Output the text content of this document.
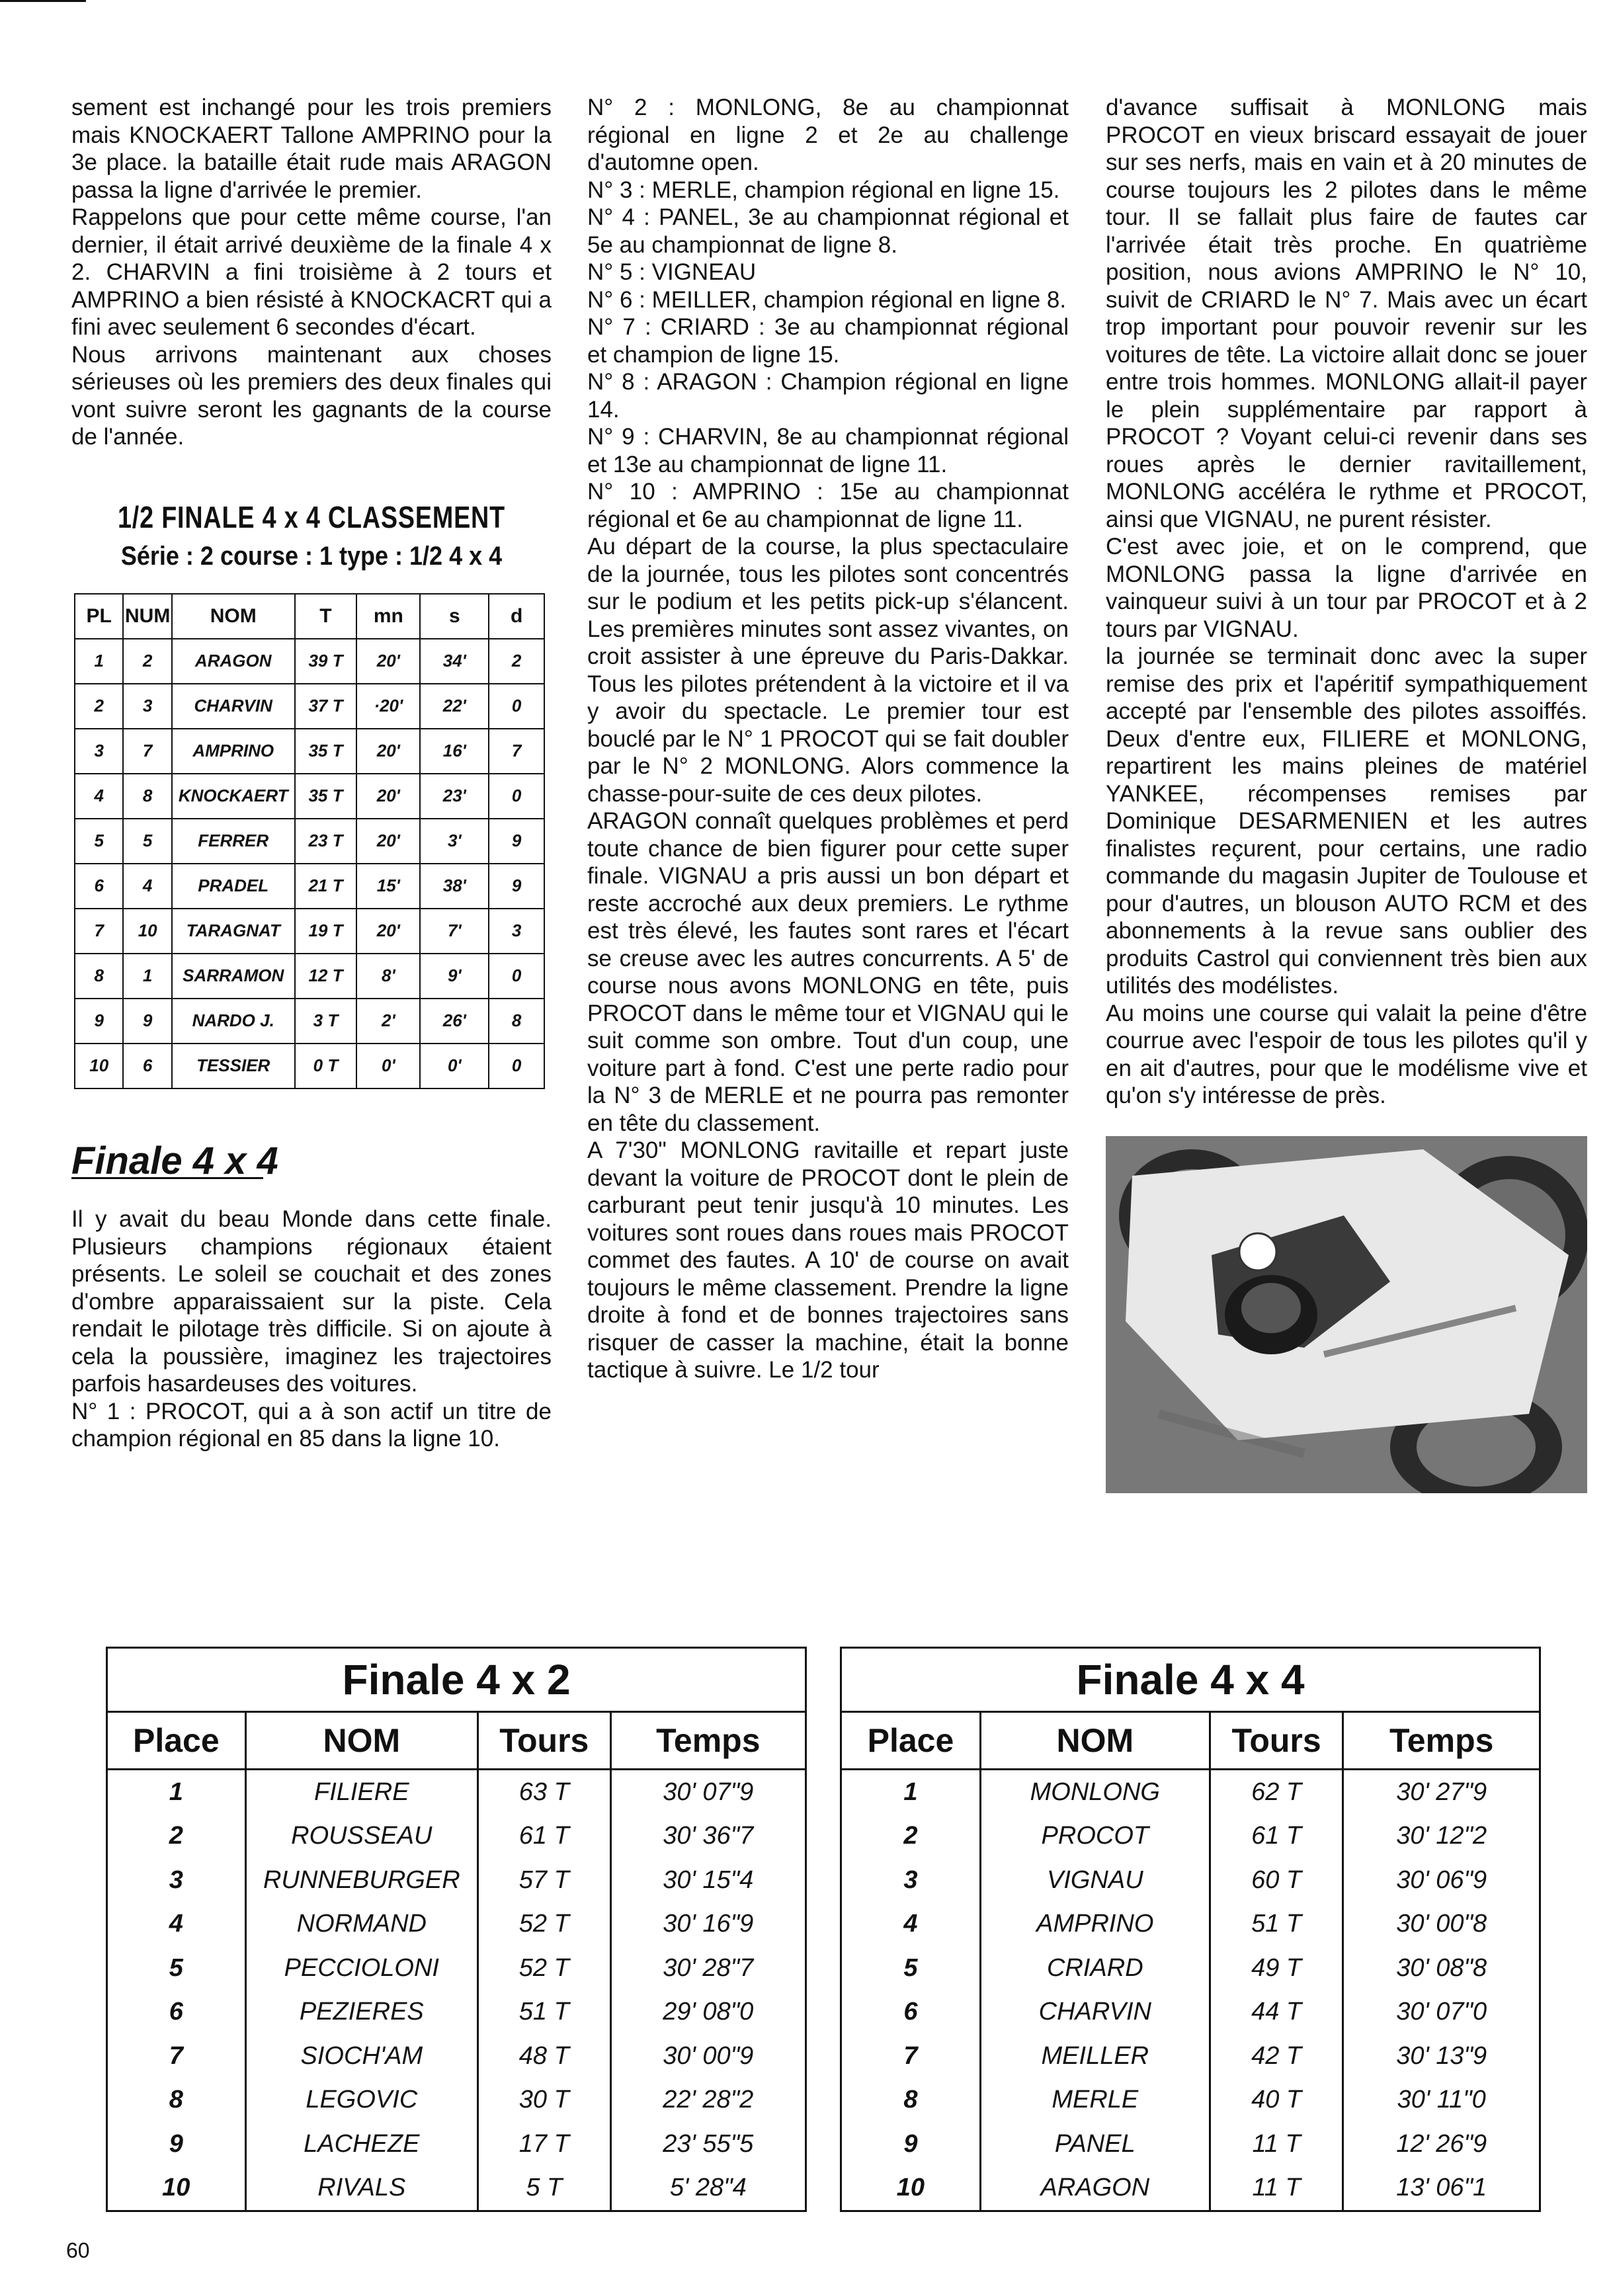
sement est inchangé pour les trois premiers mais KNOCKAERT Tallone AMPRINO pour la 3e place. la bataille était rude mais ARAGON passa la ligne d'arrivée le premier.

Rappelons que pour cette même course, l'an dernier, il était arrivé deuxième de la finale 4 x 2. CHARVIN a fini troisième à 2 tours et AMPRINO a bien résisté à KNOCKACRT qui a fini avec seulement 6 secondes d'écart.

Nous arrivons maintenant aux choses sérieuses où les premiers des deux finales qui vont suivre seront les gagnants de la course de l'année.

1/2 FINALE 4 x 4 CLASSEMENT
Série : 2 course : 1 type : 1/2 4 x 4
PL	NUM	NOM	T	mn	s	d
1	2	ARAGON	39 T	20'	34'	2
2	3	CHARVIN	37 T	·20'	22'	0
3	7	AMPRINO	35 T	20'	16'	7
4	8	KNOCKAERT	35 T	20'	23'	0
5	5	FERRER	23 T	20'	3'	9
6	4	PRADEL	21 T	15'	38'	9
7	10	TARAGNAT	19 T	20'	7'	3
8	1	SARRAMON	12 T	8'	9'	0
9	9	NARDO J.	3 T	2'	26'	8
10	6	TESSIER	0 T	0'	0'	0
Finale 4 x 4

Il y avait du beau Monde dans cette finale. Plusieurs champions régionaux étaient présents. Le soleil se couchait et des zones d'ombre apparaissaient sur la piste. Cela rendait le pilotage très difficile. Si on ajoute à cela la poussière, imaginez les trajectoires parfois hasardeuses des voitures.

N° 1 : PROCOT, qui a à son actif un titre de champion régional en 85 dans la ligne 10.

N° 2 : MONLONG, 8e au championnat régional en ligne 2 et 2e au challenge d'automne open.

N° 3 : MERLE, champion régional en ligne 15.

N° 4 : PANEL, 3e au championnat régional et 5e au championnat de ligne 8.

N° 5 : VIGNEAU

N° 6 : MEILLER, champion régional en ligne 8.

N° 7 : CRIARD : 3e au championnat régional et champion de ligne 15.

N° 8 : ARAGON : Champion régional en ligne 14.

N° 9 : CHARVIN, 8e au championnat régional et 13e au championnat de ligne 11.

N° 10 : AMPRINO : 15e au championnat régional et 6e au championnat de ligne 11.

Au départ de la course, la plus spectaculaire de la journée, tous les pilotes sont concentrés sur le podium et les petits pick-up s'élancent. Les premières minutes sont assez vivantes, on croit assister à une épreuve du Paris-Dakkar. Tous les pilotes prétendent à la victoire et il va y avoir du spectacle. Le premier tour est bouclé par le N° 1 PROCOT qui se fait doubler par le N° 2 MONLONG. Alors commence la chasse-pour-suite de ces deux pilotes.

ARAGON connaît quelques problèmes et perd toute chance de bien figurer pour cette super finale. VIGNAU a pris aussi un bon départ et reste accroché aux deux premiers. Le rythme est très élevé, les fautes sont rares et l'écart se creuse avec les autres concurrents. A 5' de course nous avons MONLONG en tête, puis PROCOT dans le même tour et VIGNAU qui le suit comme son ombre. Tout d'un coup, une voiture part à fond. C'est une perte radio pour la N° 3 de MERLE et ne pourra pas remonter en tête du classement.

A 7'30" MONLONG ravitaille et repart juste devant la voiture de PROCOT dont le plein de carburant peut tenir jusqu'à 10 minutes. Les voitures sont roues dans roues mais PROCOT commet des fautes. A 10' de course on avait toujours le même classement. Prendre la ligne droite à fond et de bonnes trajectoires sans risquer de casser la machine, était la bonne tactique à suivre. Le 1/2 tour

d'avance suffisait à MONLONG mais PROCOT en vieux briscard essayait de jouer sur ses nerfs, mais en vain et à 20 minutes de course toujours les 2 pilotes dans le même tour. Il se fallait plus faire de fautes car l'arrivée était très proche. En quatrième position, nous avions AMPRINO le N° 10, suivit de CRIARD le N° 7. Mais avec un écart trop important pour pouvoir revenir sur les voitures de tête. La victoire allait donc se jouer entre trois hommes. MONLONG allait-il payer le plein supplémentaire par rapport à PROCOT ? Voyant celui-ci revenir dans ses roues après le dernier ravitaillement, MONLONG accéléra le rythme et PROCOT, ainsi que VIGNAU, ne purent résister.

C'est avec joie, et on le comprend, que MONLONG passa la ligne d'arrivée en vainqueur suivi à un tour par PROCOT et à 2 tours par VIGNAU.

la journée se terminait donc avec la super remise des prix et l'apéritif sympathiquement accepté par l'ensemble des pilotes assoiffés. Deux d'entre eux, FILIERE et MONLONG, repartirent les mains pleines de matériel YANKEE, récompenses remises par Dominique DESARMENIEN et les autres finalistes reçurent, pour certains, une radio commande du magasin Jupiter de Toulouse et pour d'autres, un blouson AUTO RCM et des abonnements à la revue sans oublier des produits Castrol qui conviennent très bien aux utilités des modélistes.

Au moins une course qui valait la peine d'être courrue avec l'espoir de tous les pilotes qu'il y en ait d'autres, pour que le modélisme vive et qu'on s'y intéresse de près.

Finale 4 x 2			
Place	NOM	Tours	Temps
1	FILIERE	63 T	30' 07"9
2	ROUSSEAU	61 T	30' 36"7
3	RUNNEBURGER	57 T	30' 15"4
4	NORMAND	52 T	30' 16"9
5	PECCIOLONI	52 T	30' 28"7
6	PEZIERES	51 T	29' 08"0
7	SIOCH'AM	48 T	30' 00"9
8	LEGOVIC	30 T	22' 28"2
9	LACHEZE	17 T	23' 55"5
10	RIVALS	5 T	5' 28"4
Finale 4 x 4			
Place	NOM	Tours	Temps
1	MONLONG	62 T	30' 27"9
2	PROCOT	61 T	30' 12"2
3	VIGNAU	60 T	30' 06"9
4	AMPRINO	51 T	30' 00"8
5	CRIARD	49 T	30' 08"8
6	CHARVIN	44 T	30' 07"0
7	MEILLER	42 T	30' 13"9
8	MERLE	40 T	30' 11"0
9	PANEL	11 T	12' 26"9
10	ARAGON	11 T	13' 06"1
60
